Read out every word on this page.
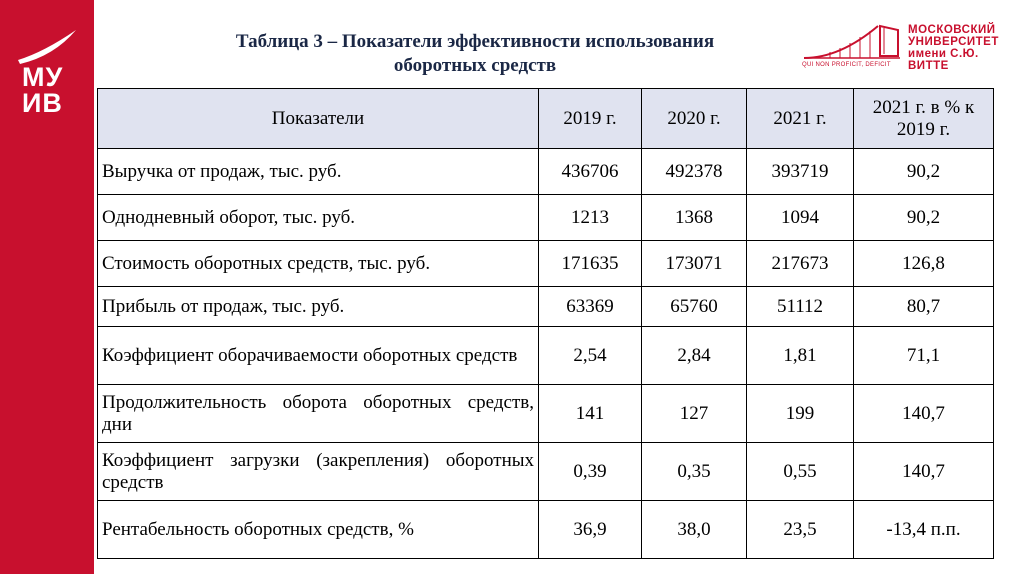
МУ
ИВ
Таблица 3 – Показатели эффективности использования
оборотных средств	QUI NON PROFICIT, DEFICIT
МОСКОВСКИЙ
УНИВЕРСИТЕТ
имени С.Ю. ВИТТЕ
Показатели	2019 г.	2020 г.	2021 г.	2021 г. в % к 2019 г.
Выручка от продаж, тыс. руб.	436706	492378	393719	90,2
Однодневный оборот, тыс. руб.	1213	1368	1094	90,2
Стоимость оборотных средств, тыс. руб.	171635	173071	217673	126,8
Прибыль от продаж, тыс. руб.	63369	65760	51112	80,7
Коэффициент оборачиваемости оборотных средств	2,54	2,84	1,81	71,1
Продолжительность оборота оборотных средств, дни	141	127	199	140,7
Коэффициент загрузки (закрепления) оборотных средств	0,39	0,35	0,55	140,7
Рентабельность оборотных средств, %	36,9	38,0	23,5	-13,4 п.п.
